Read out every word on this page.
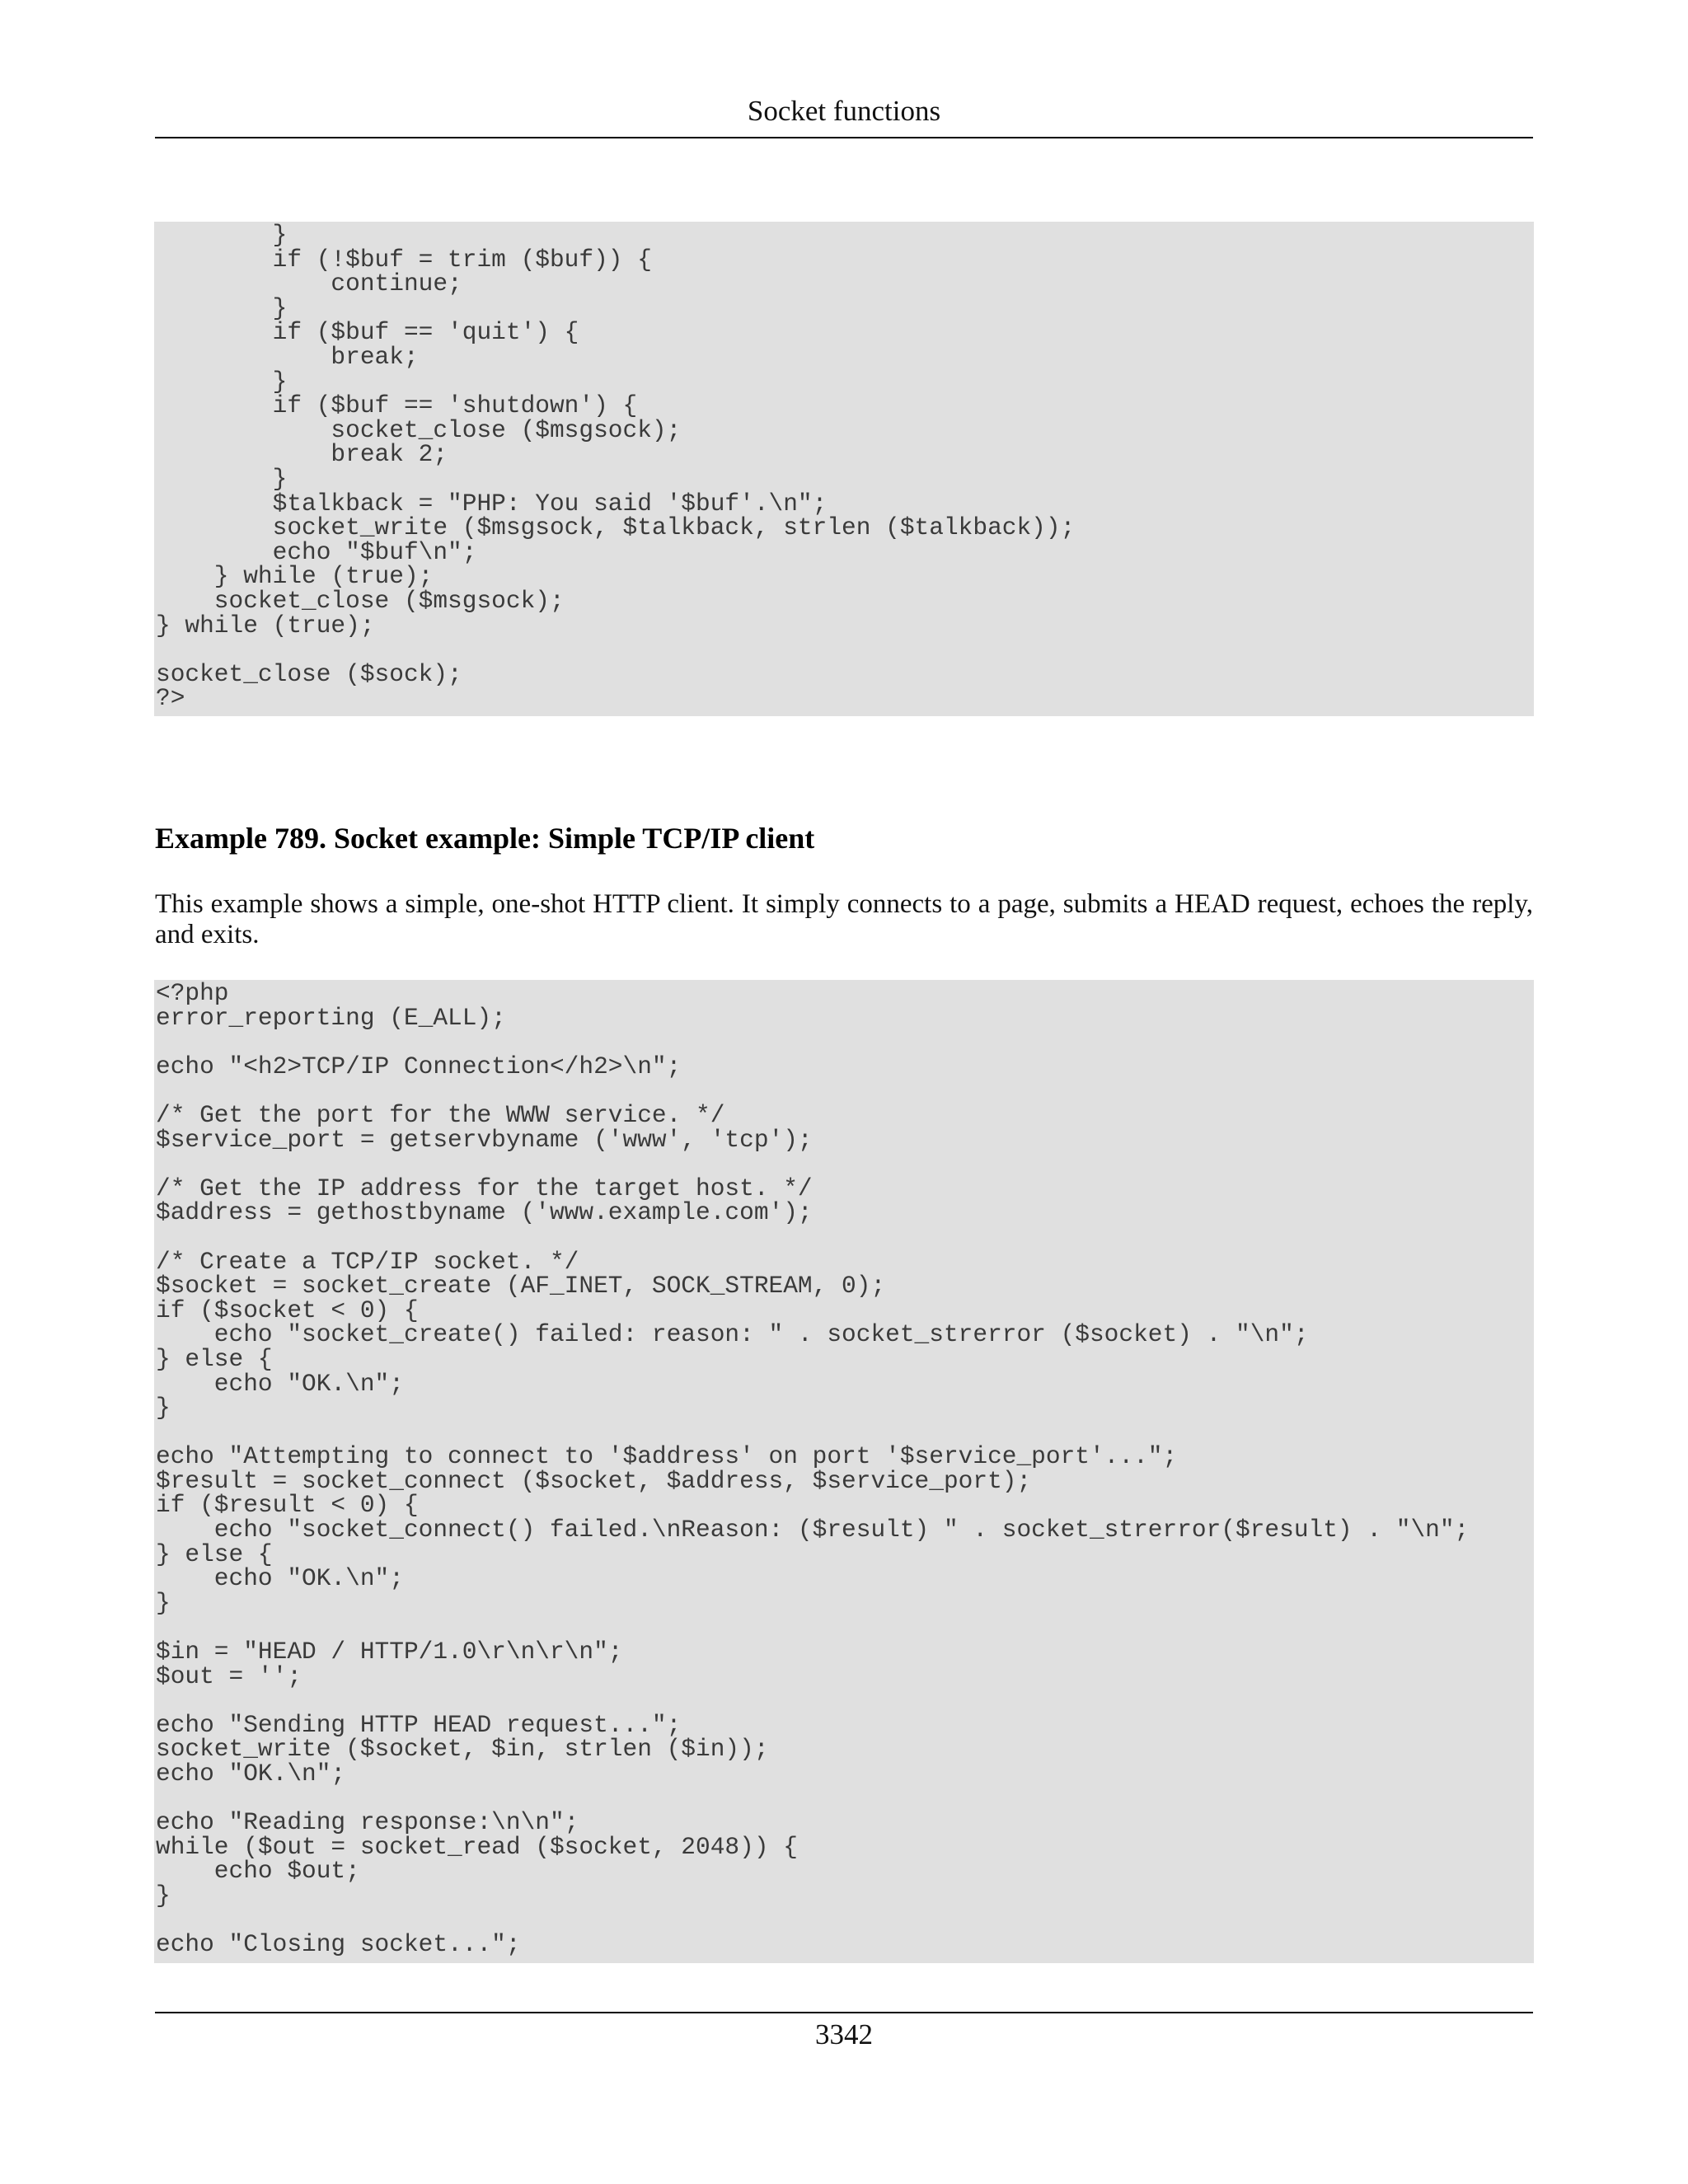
Socket functions
}
if (!$buf = trim ($buf)) {
continue;
}
if ($buf == 'quit') {
break;
}
if ($buf == 'shutdown') {
socket_close ($msgsock);
break 2;
}
$talkback = "PHP: You said '$buf'.\n";
socket_write ($msgsock, $talkback, strlen ($talkback));
echo "$buf\n";
} while (true);
socket_close ($msgsock);
} while (true);

socket_close ($sock);
?>
Example 789. Socket example: Simple TCP/IP client
This example shows a simple, one-shot HTTP client. It simply connects to a page, submits a HEAD request, echoes the reply, and exits.
<?php
error_reporting (E_ALL);

echo "<h2>TCP/IP Connection</h2>\n";

/* Get the port for the WWW service. */
$service_port = getservbyname ('www', 'tcp');

/* Get the IP address for the target host. */
$address = gethostbyname ('www.example.com');

/* Create a TCP/IP socket. */
$socket = socket_create (AF_INET, SOCK_STREAM, 0);
if ($socket < 0) {
echo "socket_create() failed: reason: " . socket_strerror ($socket) . "\n";
} else {
echo "OK.\n";
}

echo "Attempting to connect to '$address' on port '$service_port'...";
$result = socket_connect ($socket, $address, $service_port);
if ($result < 0) {
echo "socket_connect() failed.\nReason: ($result) " . socket_strerror($result) . "\n";
} else {
echo "OK.\n";
}

$in = "HEAD / HTTP/1.0\r\n\r\n";
$out = '';

echo "Sending HTTP HEAD request...";
socket_write ($socket, $in, strlen ($in));
echo "OK.\n";

echo "Reading response:\n\n";
while ($out = socket_read ($socket, 2048)) {
echo $out;
}

echo "Closing socket...";
3342
